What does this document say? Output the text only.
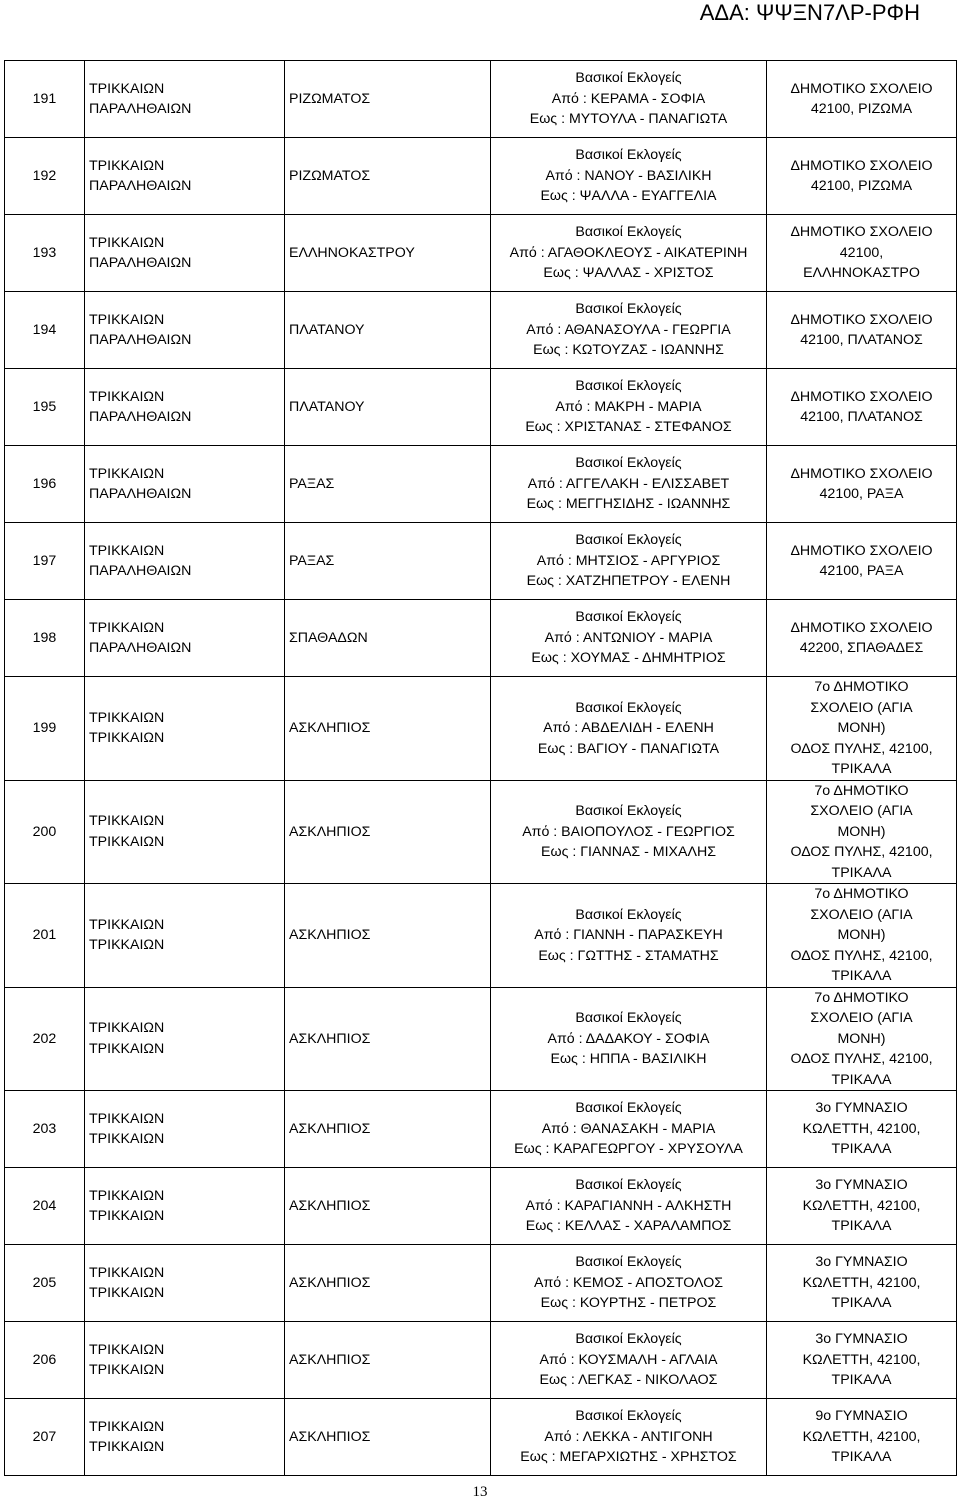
ΑΔΑ: ΨΨΞΝ7ΛΡ-ΡΦΗ
191	ΤΡΙΚΚΑΙΩΝ
ΠΑΡΑΛΗΘΑΙΩΝ	ΡΙΖΩΜΑΤΟΣ	Βασικοί Εκλογείς
Από : ΚΕΡΑΜΑ - ΣΟΦΙΑ
Εως : ΜΥΤΟΥΛΑ - ΠΑΝΑΓΙΩΤΑ	ΔΗΜΟΤΙΚΟ ΣΧΟΛΕΙΟ
42100, ΡΙΖΩΜΑ

192	ΤΡΙΚΚΑΙΩΝ
ΠΑΡΑΛΗΘΑΙΩΝ	ΡΙΖΩΜΑΤΟΣ	Βασικοί Εκλογείς
Από : ΝΑΝΟΥ - ΒΑΣΙΛΙΚΗ
Εως : ΨΑΛΛΑ - ΕΥΑΓΓΕΛΙΑ	ΔΗΜΟΤΙΚΟ ΣΧΟΛΕΙΟ
42100, ΡΙΖΩΜΑ

193	ΤΡΙΚΚΑΙΩΝ
ΠΑΡΑΛΗΘΑΙΩΝ	ΕΛΛΗΝΟΚΑΣΤΡΟΥ	Βασικοί Εκλογείς
Από : ΑΓΑΘΟΚΛΕΟΥΣ - ΑΙΚΑΤΕΡΙΝΗ
Εως : ΨΑΛΛΑΣ - ΧΡΙΣΤΟΣ	ΔΗΜΟΤΙΚΟ ΣΧΟΛΕΙΟ
42100,
ΕΛΛΗΝΟΚΑΣΤΡΟ

194	ΤΡΙΚΚΑΙΩΝ
ΠΑΡΑΛΗΘΑΙΩΝ	ΠΛΑΤΑΝΟΥ	Βασικοί Εκλογείς
Από : ΑΘΑΝΑΣΟΥΛΑ - ΓΕΩΡΓΙΑ
Εως : ΚΩΤΟΥΖΑΣ - ΙΩΑΝΝΗΣ	ΔΗΜΟΤΙΚΟ ΣΧΟΛΕΙΟ
42100, ΠΛΑΤΑΝΟΣ

195	ΤΡΙΚΚΑΙΩΝ
ΠΑΡΑΛΗΘΑΙΩΝ	ΠΛΑΤΑΝΟΥ	Βασικοί Εκλογείς
Από : ΜΑΚΡΗ - ΜΑΡΙΑ
Εως : ΧΡΙΣΤΑΝΑΣ - ΣΤΕΦΑΝΟΣ	ΔΗΜΟΤΙΚΟ ΣΧΟΛΕΙΟ
42100, ΠΛΑΤΑΝΟΣ

196	ΤΡΙΚΚΑΙΩΝ
ΠΑΡΑΛΗΘΑΙΩΝ	ΡΑΞΑΣ	Βασικοί Εκλογείς
Από : ΑΓΓΕΛΑΚΗ - ΕΛΙΣΣΑΒΕΤ
Εως : ΜΕΓΓΗΣΙΔΗΣ - ΙΩΑΝΝΗΣ	ΔΗΜΟΤΙΚΟ ΣΧΟΛΕΙΟ
42100, ΡΑΞΑ

197	ΤΡΙΚΚΑΙΩΝ
ΠΑΡΑΛΗΘΑΙΩΝ	ΡΑΞΑΣ	Βασικοί Εκλογείς
Από : ΜΗΤΣΙΟΣ - ΑΡΓΥΡΙΟΣ
Εως : ΧΑΤΖΗΠΕΤΡΟΥ - ΕΛΕΝΗ	ΔΗΜΟΤΙΚΟ ΣΧΟΛΕΙΟ
42100, ΡΑΞΑ

198	ΤΡΙΚΚΑΙΩΝ
ΠΑΡΑΛΗΘΑΙΩΝ	ΣΠΑΘΑΔΩΝ	Βασικοί Εκλογείς
Από : ΑΝΤΩΝΙΟΥ - ΜΑΡΙΑ
Εως : ΧΟΥΜΑΣ - ΔΗΜΗΤΡΙΟΣ	ΔΗΜΟΤΙΚΟ ΣΧΟΛΕΙΟ
42200, ΣΠΑΘΑΔΕΣ

199	ΤΡΙΚΚΑΙΩΝ
ΤΡΙΚΚΑΙΩΝ	ΑΣΚΛΗΠΙΟΣ	Βασικοί Εκλογείς
Από : ΑΒΔΕΛΙΔΗ - ΕΛΕΝΗ
Εως : ΒΑΓΙΟΥ - ΠΑΝΑΓΙΩΤΑ	7ο ΔΗΜΟΤΙΚΟ
ΣΧΟΛΕΙΟ (ΑΓΙΑ
ΜΟΝΗ)
ΟΔΟΣ ΠΥΛΗΣ, 42100,
ΤΡΙΚΑΛΑ

200	ΤΡΙΚΚΑΙΩΝ
ΤΡΙΚΚΑΙΩΝ	ΑΣΚΛΗΠΙΟΣ	Βασικοί Εκλογείς
Από : ΒΑΙΟΠΟΥΛΟΣ - ΓΕΩΡΓΙΟΣ
Εως : ΓΙΑΝΝΑΣ - ΜΙΧΑΛΗΣ	7ο ΔΗΜΟΤΙΚΟ
ΣΧΟΛΕΙΟ (ΑΓΙΑ
ΜΟΝΗ)
ΟΔΟΣ ΠΥΛΗΣ, 42100,
ΤΡΙΚΑΛΑ

201	ΤΡΙΚΚΑΙΩΝ
ΤΡΙΚΚΑΙΩΝ	ΑΣΚΛΗΠΙΟΣ	Βασικοί Εκλογείς
Από : ΓΙΑΝΝΗ - ΠΑΡΑΣΚΕΥΗ
Εως : ΓΩΤΤΗΣ - ΣΤΑΜΑΤΗΣ	7ο ΔΗΜΟΤΙΚΟ
ΣΧΟΛΕΙΟ (ΑΓΙΑ
ΜΟΝΗ)
ΟΔΟΣ ΠΥΛΗΣ, 42100,
ΤΡΙΚΑΛΑ

202	ΤΡΙΚΚΑΙΩΝ
ΤΡΙΚΚΑΙΩΝ	ΑΣΚΛΗΠΙΟΣ	Βασικοί Εκλογείς
Από : ΔΑΔΑΚΟΥ - ΣΟΦΙΑ
Εως : ΗΠΠΑ - ΒΑΣΙΛΙΚΗ	7ο ΔΗΜΟΤΙΚΟ
ΣΧΟΛΕΙΟ (ΑΓΙΑ
ΜΟΝΗ)
ΟΔΟΣ ΠΥΛΗΣ, 42100,
ΤΡΙΚΑΛΑ

203	ΤΡΙΚΚΑΙΩΝ
ΤΡΙΚΚΑΙΩΝ	ΑΣΚΛΗΠΙΟΣ	Βασικοί Εκλογείς
Από : ΘΑΝΑΣΑΚΗ - ΜΑΡΙΑ
Εως : ΚΑΡΑΓΕΩΡΓΟΥ - ΧΡΥΣΟΥΛΑ	3ο ΓΥΜΝΑΣΙΟ
ΚΩΛΕΤΤΗ, 42100,
ΤΡΙΚΑΛΑ

204	ΤΡΙΚΚΑΙΩΝ
ΤΡΙΚΚΑΙΩΝ	ΑΣΚΛΗΠΙΟΣ	Βασικοί Εκλογείς
Από : ΚΑΡΑΓΙΑΝΝΗ - ΑΛΚΗΣΤΗ
Εως : ΚΕΛΛΑΣ - ΧΑΡΑΛΑΜΠΟΣ	3ο ΓΥΜΝΑΣΙΟ
ΚΩΛΕΤΤΗ, 42100,
ΤΡΙΚΑΛΑ

205	ΤΡΙΚΚΑΙΩΝ
ΤΡΙΚΚΑΙΩΝ	ΑΣΚΛΗΠΙΟΣ	Βασικοί Εκλογείς
Από : ΚΕΜΟΣ - ΑΠΟΣΤΟΛΟΣ
Εως : ΚΟΥΡΤΗΣ - ΠΕΤΡΟΣ	3ο ΓΥΜΝΑΣΙΟ
ΚΩΛΕΤΤΗ, 42100,
ΤΡΙΚΑΛΑ

206	ΤΡΙΚΚΑΙΩΝ
ΤΡΙΚΚΑΙΩΝ	ΑΣΚΛΗΠΙΟΣ	Βασικοί Εκλογείς
Από : ΚΟΥΣΜΑΛΗ - ΑΓΛΑΙΑ
Εως : ΛΕΓΚΑΣ - ΝΙΚΟΛΑΟΣ	3ο ΓΥΜΝΑΣΙΟ
ΚΩΛΕΤΤΗ, 42100,
ΤΡΙΚΑΛΑ

207	ΤΡΙΚΚΑΙΩΝ
ΤΡΙΚΚΑΙΩΝ	ΑΣΚΛΗΠΙΟΣ	Βασικοί Εκλογείς
Από : ΛΕΚΚΑ - ΑΝΤΙΓΟΝΗ
Εως : ΜΕΓΑΡΧΙΩΤΗΣ - ΧΡΗΣΤΟΣ	9ο ΓΥΜΝΑΣΙΟ
ΚΩΛΕΤΤΗ, 42100,
ΤΡΙΚΑΛΑ
13
